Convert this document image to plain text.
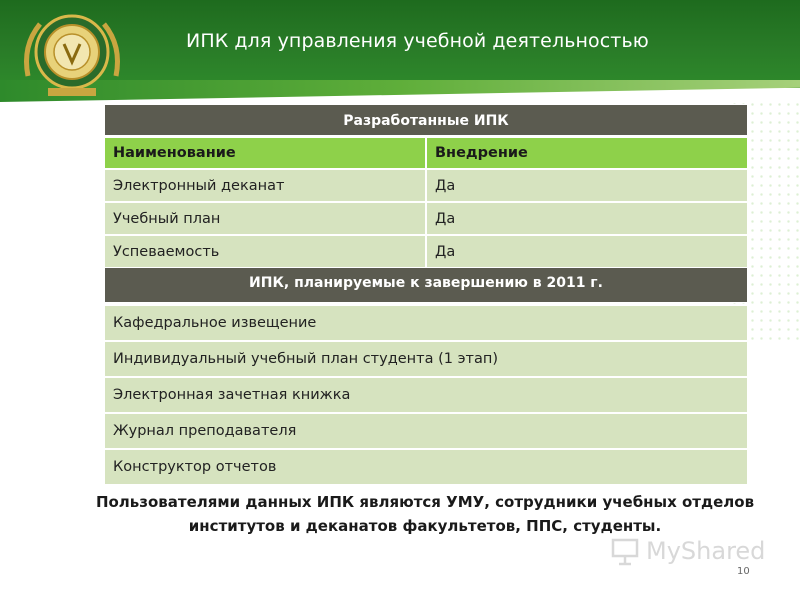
ИПК для управления учебной деятельностью
Разработанные ИПК
Наименование	Внедрение
Электронный деканат	Да
Учебный план	Да
Успеваемость	Да
ИПК, планируемые к завершению в 2011 г.
Кафедральное извещение
Индивидуальный учебный план студента (1 этап)
Электронная зачетная книжка
Журнал преподавателя
Конструктор отчетов
Пользователями данных ИПК являются УМУ, сотрудники учебных отделов
институтов и деканатов факультетов, ППС, студенты.
MyShared
10
